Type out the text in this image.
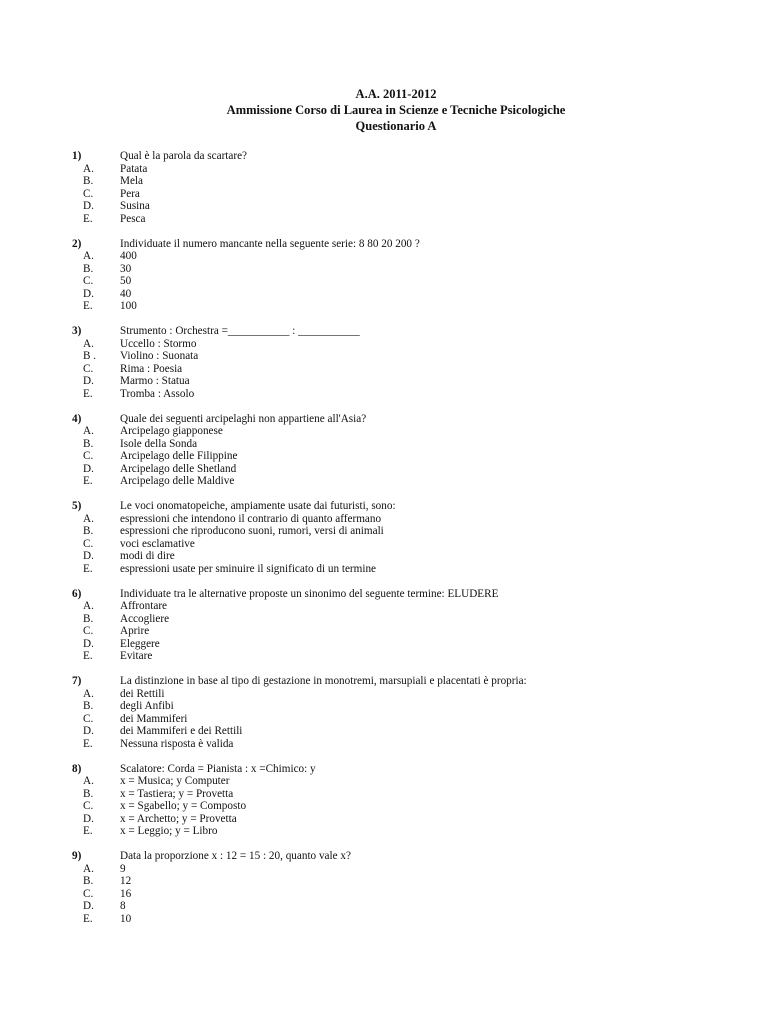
A.A. 2011-2012
Ammissione Corso di Laurea in Scienze e Tecniche Psicologiche
Questionario A
1)	Qual è la parola da scartare?
A. Patata
B. Mela
C. Pera
D. Susina
E. Pesca
2)	Individuate il numero mancante nella seguente serie: 8 80 20 200 ?
A. 400
B. 30
C. 50
D. 40
E. 100
3)	Strumento : Orchestra =___________ : ___________
A. Uccello : Stormo
B . Violino : Suonata
C. Rima : Poesia
D. Marmo : Statua
E. Tromba : Assolo
4)	Quale dei seguenti arcipelaghi non appartiene all'Asia?
A. Arcipelago giapponese
B. Isole della Sonda
C. Arcipelago delle Filippine
D. Arcipelago delle Shetland
E. Arcipelago delle Maldive
5)	Le voci onomatopeiche, ampiamente usate dai futuristi, sono:
A. espressioni che intendono il contrario di quanto affermano
B. espressioni che riproducono suoni, rumori, versi di animali
C. voci esclamative
D. modi di dire
E. espressioni usate per sminuire il significato di un termine
6)	Individuate tra le alternative proposte un sinonimo del seguente termine: ELUDERE
A. Affrontare
B. Accogliere
C. Aprire
D. Eleggere
E. Evitare
7)	La distinzione in base al tipo di gestazione in monotremi, marsupiali e placentati è propria:
A. dei Rettili
B. degli Anfibi
C. dei Mammiferi
D. dei Mammiferi e dei Rettili
E. Nessuna risposta è valida
8)	Scalatore: Corda = Pianista : x =Chimico: y
A. x = Musica; y Computer
B. x = Tastiera; y = Provetta
C. x = Sgabello; y = Composto
D. x = Archetto; y = Provetta
E. x = Leggio; y = Libro
9)	Data la proporzione x : 12 = 15 : 20, quanto vale x?
A. 9
B. 12
C. 16
D. 8
E. 10
